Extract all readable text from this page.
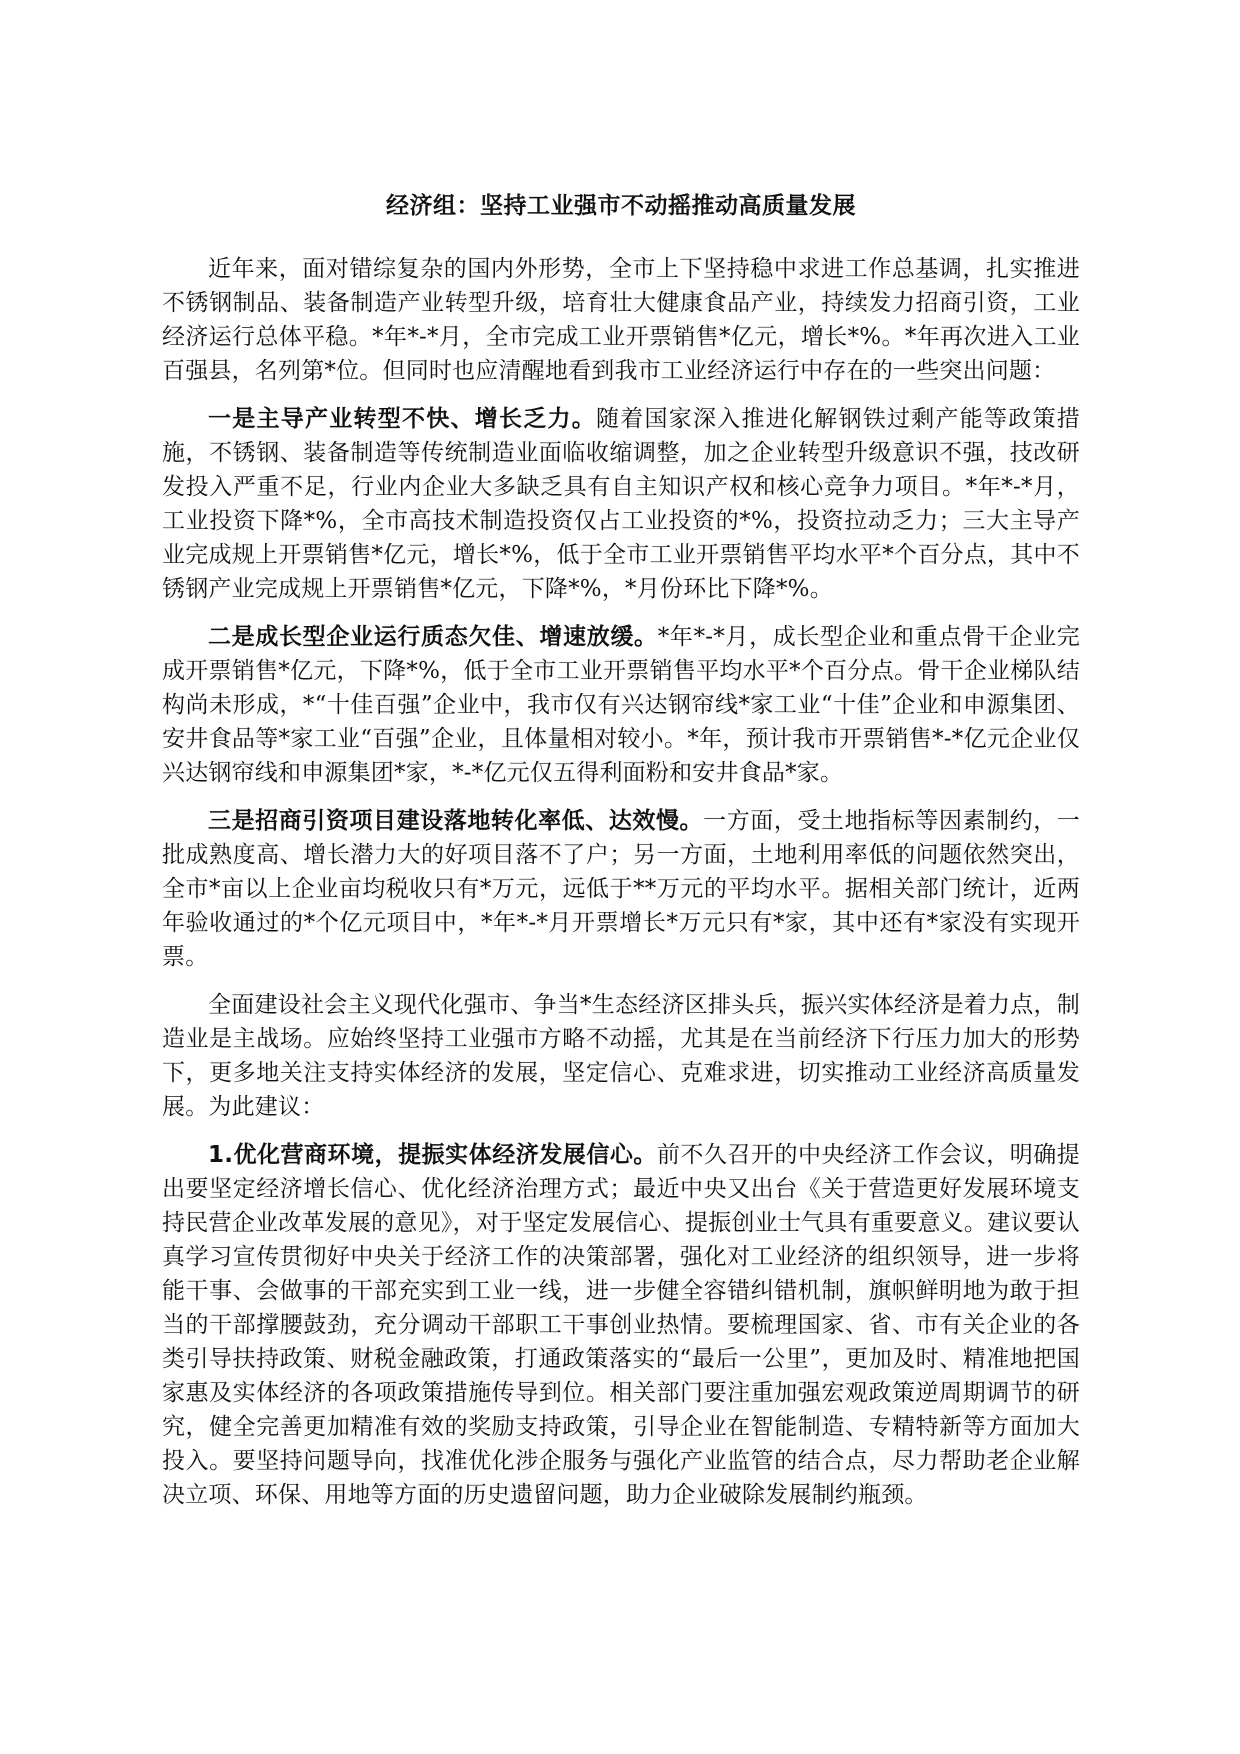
经济组：坚持工业强市不动摇推动高质量发展

近年来，面对错综复杂的国内外形势，全市上下坚持稳中求进工作总基调，扎实推进不锈钢制品、装备制造产业转型升级，培育壮大健康食品产业，持续发力招商引资，工业经济运行总体平稳。*年*-*月，全市完成工业开票销售*亿元，增长*%。*年再次进入工业百强县，名列第*位。但同时也应清醒地看到我市工业经济运行中存在的一些突出问题：

一是主导产业转型不快、增长乏力。随着国家深入推进化解钢铁过剩产能等政策措施，不锈钢、装备制造等传统制造业面临收缩调整，加之企业转型升级意识不强，技改研发投入严重不足，行业内企业大多缺乏具有自主知识产权和核心竞争力项目。*年*-*月，工业投资下降*%，全市高技术制造投资仅占工业投资的*%，投资拉动乏力；三大主导产业完成规上开票销售*亿元，增长*%，低于全市工业开票销售平均水平*个百分点，其中不锈钢产业完成规上开票销售*亿元，下降*%，*月份环比下降*%。

二是成长型企业运行质态欠佳、增速放缓。*年*-*月，成长型企业和重点骨干企业完成开票销售*亿元，下降*%，低于全市工业开票销售平均水平*个百分点。骨干企业梯队结构尚未形成，*“十佳百强”企业中，我市仅有兴达钢帘线*家工业“十佳”企业和申源集团、安井食品等*家工业“百强”企业，且体量相对较小。*年，预计我市开票销售*-*亿元企业仅兴达钢帘线和申源集团*家，*-*亿元仅五得利面粉和安井食品*家。

三是招商引资项目建设落地转化率低、达效慢。一方面，受土地指标等因素制约，一批成熟度高、增长潜力大的好项目落不了户；另一方面，土地利用率低的问题依然突出，全市*亩以上企业亩均税收只有*万元，远低于**万元的平均水平。据相关部门统计，近两年验收通过的*个亿元项目中，*年*-*月开票增长*万元只有*家，其中还有*家没有实现开票。

全面建设社会主义现代化强市、争当*生态经济区排头兵，振兴实体经济是着力点，制造业是主战场。应始终坚持工业强市方略不动摇，尤其是在当前经济下行压力加大的形势下，更多地关注支持实体经济的发展，坚定信心、克难求进，切实推动工业经济高质量发展。为此建议：

1.优化营商环境，提振实体经济发展信心。前不久召开的中央经济工作会议，明确提出要坚定经济增长信心、优化经济治理方式；最近中央又出台《关于营造更好发展环境支持民营企业改革发展的意见》，对于坚定发展信心、提振创业士气具有重要意义。建议要认真学习宣传贯彻好中央关于经济工作的决策部署，强化对工业经济的组织领导，进一步将能干事、会做事的干部充实到工业一线，进一步健全容错纠错机制，旗帜鲜明地为敢于担当的干部撑腰鼓劲，充分调动干部职工干事创业热情。要梳理国家、省、市有关企业的各类引导扶持政策、财税金融政策，打通政策落实的“最后一公里”，更加及时、精准地把国家惠及实体经济的各项政策措施传导到位。相关部门要注重加强宏观政策逆周期调节的研究，健全完善更加精准有效的奖励支持政策，引导企业在智能制造、专精特新等方面加大投入。要坚持问题导向，找准优化涉企服务与强化产业监管的结合点，尽力帮助老企业解决立项、环保、用地等方面的历史遗留问题，助力企业破除发展制约瓶颈。
